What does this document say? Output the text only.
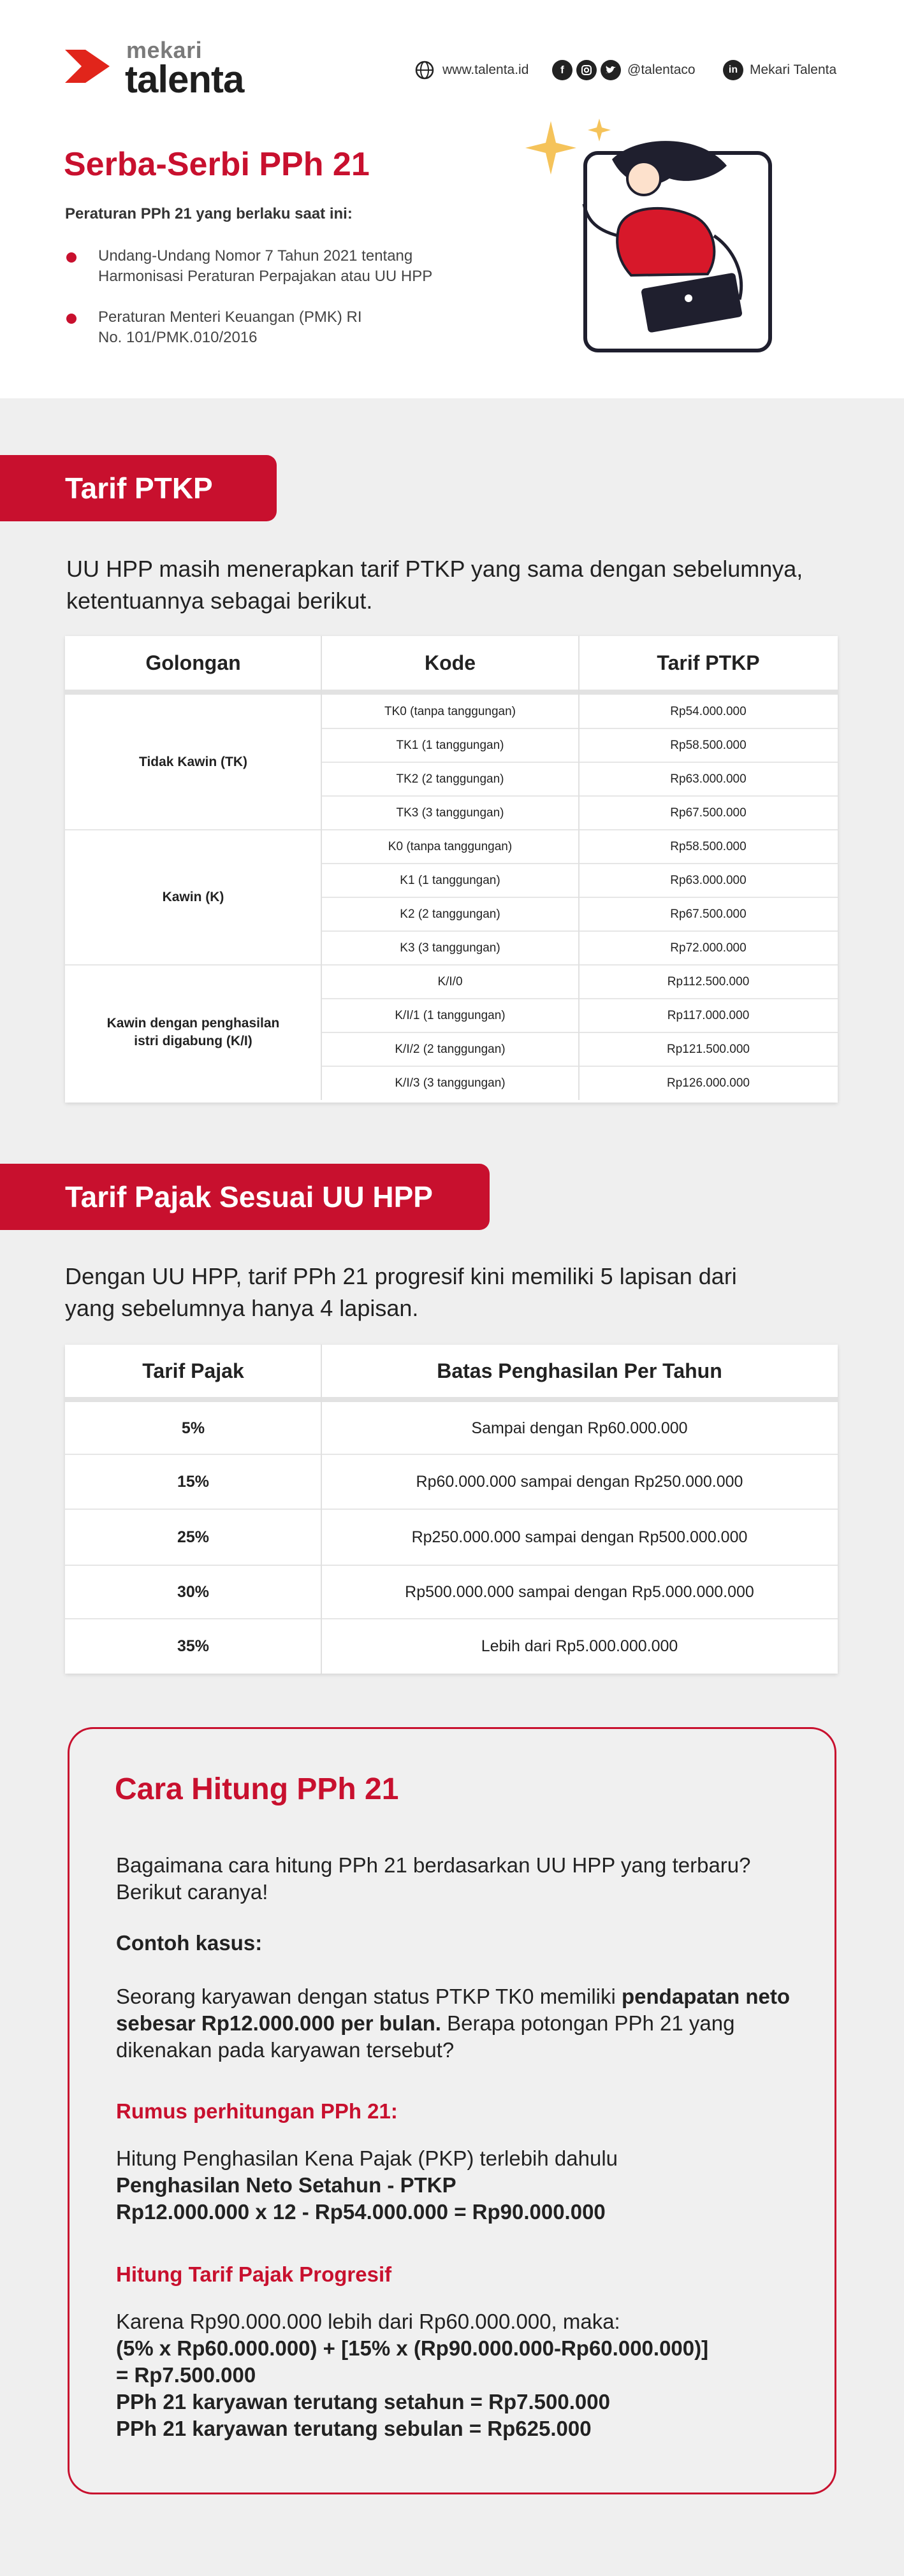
mekari
talenta	www.talenta.id	f	@talentaco	in Mekari Talenta
Serba-Serbi PPh 21
Peraturan PPh 21 yang berlaku saat ini:
Undang-Undang Nomor 7 Tahun 2021 tentang
Harmonisasi Peraturan Perpajakan atau UU HPP
Peraturan Menteri Keuangan (PMK) RI
No. 101/PMK.010/2016
Tarif PTKP
UU HPP masih menerapkan tarif PTKP yang sama dengan sebelumnya,
ketentuannya sebagai berikut.
Golongan	Kode	Tarif PTKP
Tidak Kawin (TK)
TK0 (tanpa tanggungan)	Rp54.000.000
TK1 (1 tanggungan)	Rp58.500.000
TK2 (2 tanggungan)	Rp63.000.000
TK3 (3 tanggungan)	Rp67.500.000
Kawin (K)
K0 (tanpa tanggungan)	Rp58.500.000
K1 (1 tanggungan)	Rp63.000.000
K2 (2 tanggungan)	Rp67.500.000
K3 (3 tanggungan)	Rp72.000.000
Kawin dengan penghasilan
istri digabung (K/I)
K/I/0	Rp112.500.000
K/I/1 (1 tanggungan)	Rp117.000.000
K/I/2 (2 tanggungan)	Rp121.500.000
K/I/3 (3 tanggungan)	Rp126.000.000
Tarif Pajak Sesuai UU HPP
Dengan UU HPP, tarif PPh 21 progresif kini memiliki 5 lapisan dari
yang sebelumnya hanya 4 lapisan.
Tarif Pajak	Batas Penghasilan Per Tahun
5%	Sampai dengan Rp60.000.000
15%	Rp60.000.000 sampai dengan Rp250.000.000
25%	Rp250.000.000 sampai dengan Rp500.000.000
30%	Rp500.000.000 sampai dengan Rp5.000.000.000
35%	Lebih dari Rp5.000.000.000
Cara Hitung PPh 21
Bagaimana cara hitung PPh 21 berdasarkan UU HPP yang terbaru?
Berikut caranya!
Contoh kasus:
Seorang karyawan dengan status PTKP TK0 memiliki pendapatan neto
sebesar Rp12.000.000 per bulan. Berapa potongan PPh 21 yang
dikenakan pada karyawan tersebut?
Rumus perhitungan PPh 21:
Hitung Penghasilan Kena Pajak (PKP) terlebih dahulu
Penghasilan Neto Setahun - PTKP
Rp12.000.000 x 12 - Rp54.000.000 = Rp90.000.000
Hitung Tarif Pajak Progresif
Karena Rp90.000.000 lebih dari Rp60.000.000, maka:
(5% x Rp60.000.000) + [15% x (Rp90.000.000-Rp60.000.000)]
= Rp7.500.000
PPh 21 karyawan terutang setahun = Rp7.500.000
PPh 21 karyawan terutang sebulan = Rp625.000
